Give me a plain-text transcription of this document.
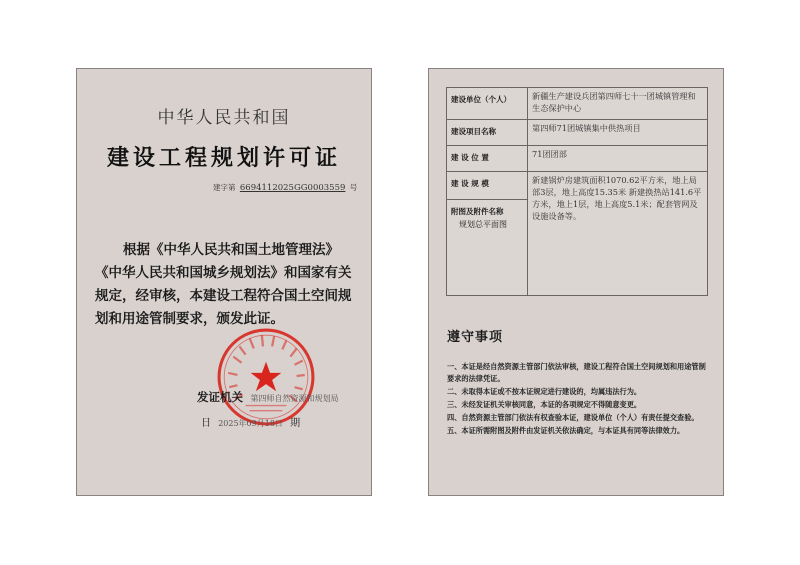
中华人民共和国
建设工程规划许可证
建字第 6694112025GG0003559 号
根据《中华人民共和国土地管理法》《中华人民共和国城乡规划法》和国家有关规定，经审核，本建设工程符合国土空间规划和用途管制要求，颁发此证。
发证机关 第四师自然资源和规划局
日 2025年09月18日 期
建设单位（个人）	新疆生产建设兵团第四师七十一团城镇管理和生态保护中心
建设项目名称	第四师71团城镇集中供热项目
建 设 位 置	71团团部
建 设 规 模	新建锅炉房建筑面积1070.62平方米，地上局部3层，地上高度15.35米 新建换热站141.6平方米，地上1层，地上高度5.1米；配套管网及设施设备等。
附图及附件名称
规划总平面图	
遵守事项
一、本证是经自然资源主管部门依法审核，建设工程符合国土空间规划和用途管制要求的法律凭证。
二、未取得本证或不按本证规定进行建设的，均属违法行为。
三、未经发证机关审核同意，本证的各项规定不得随意变更。
四、自然资源主管部门依法有权查验本证，建设单位（个人）有责任提交查验。
五、本证所需附图及附件由发证机关依法确定，与本证具有同等法律效力。
